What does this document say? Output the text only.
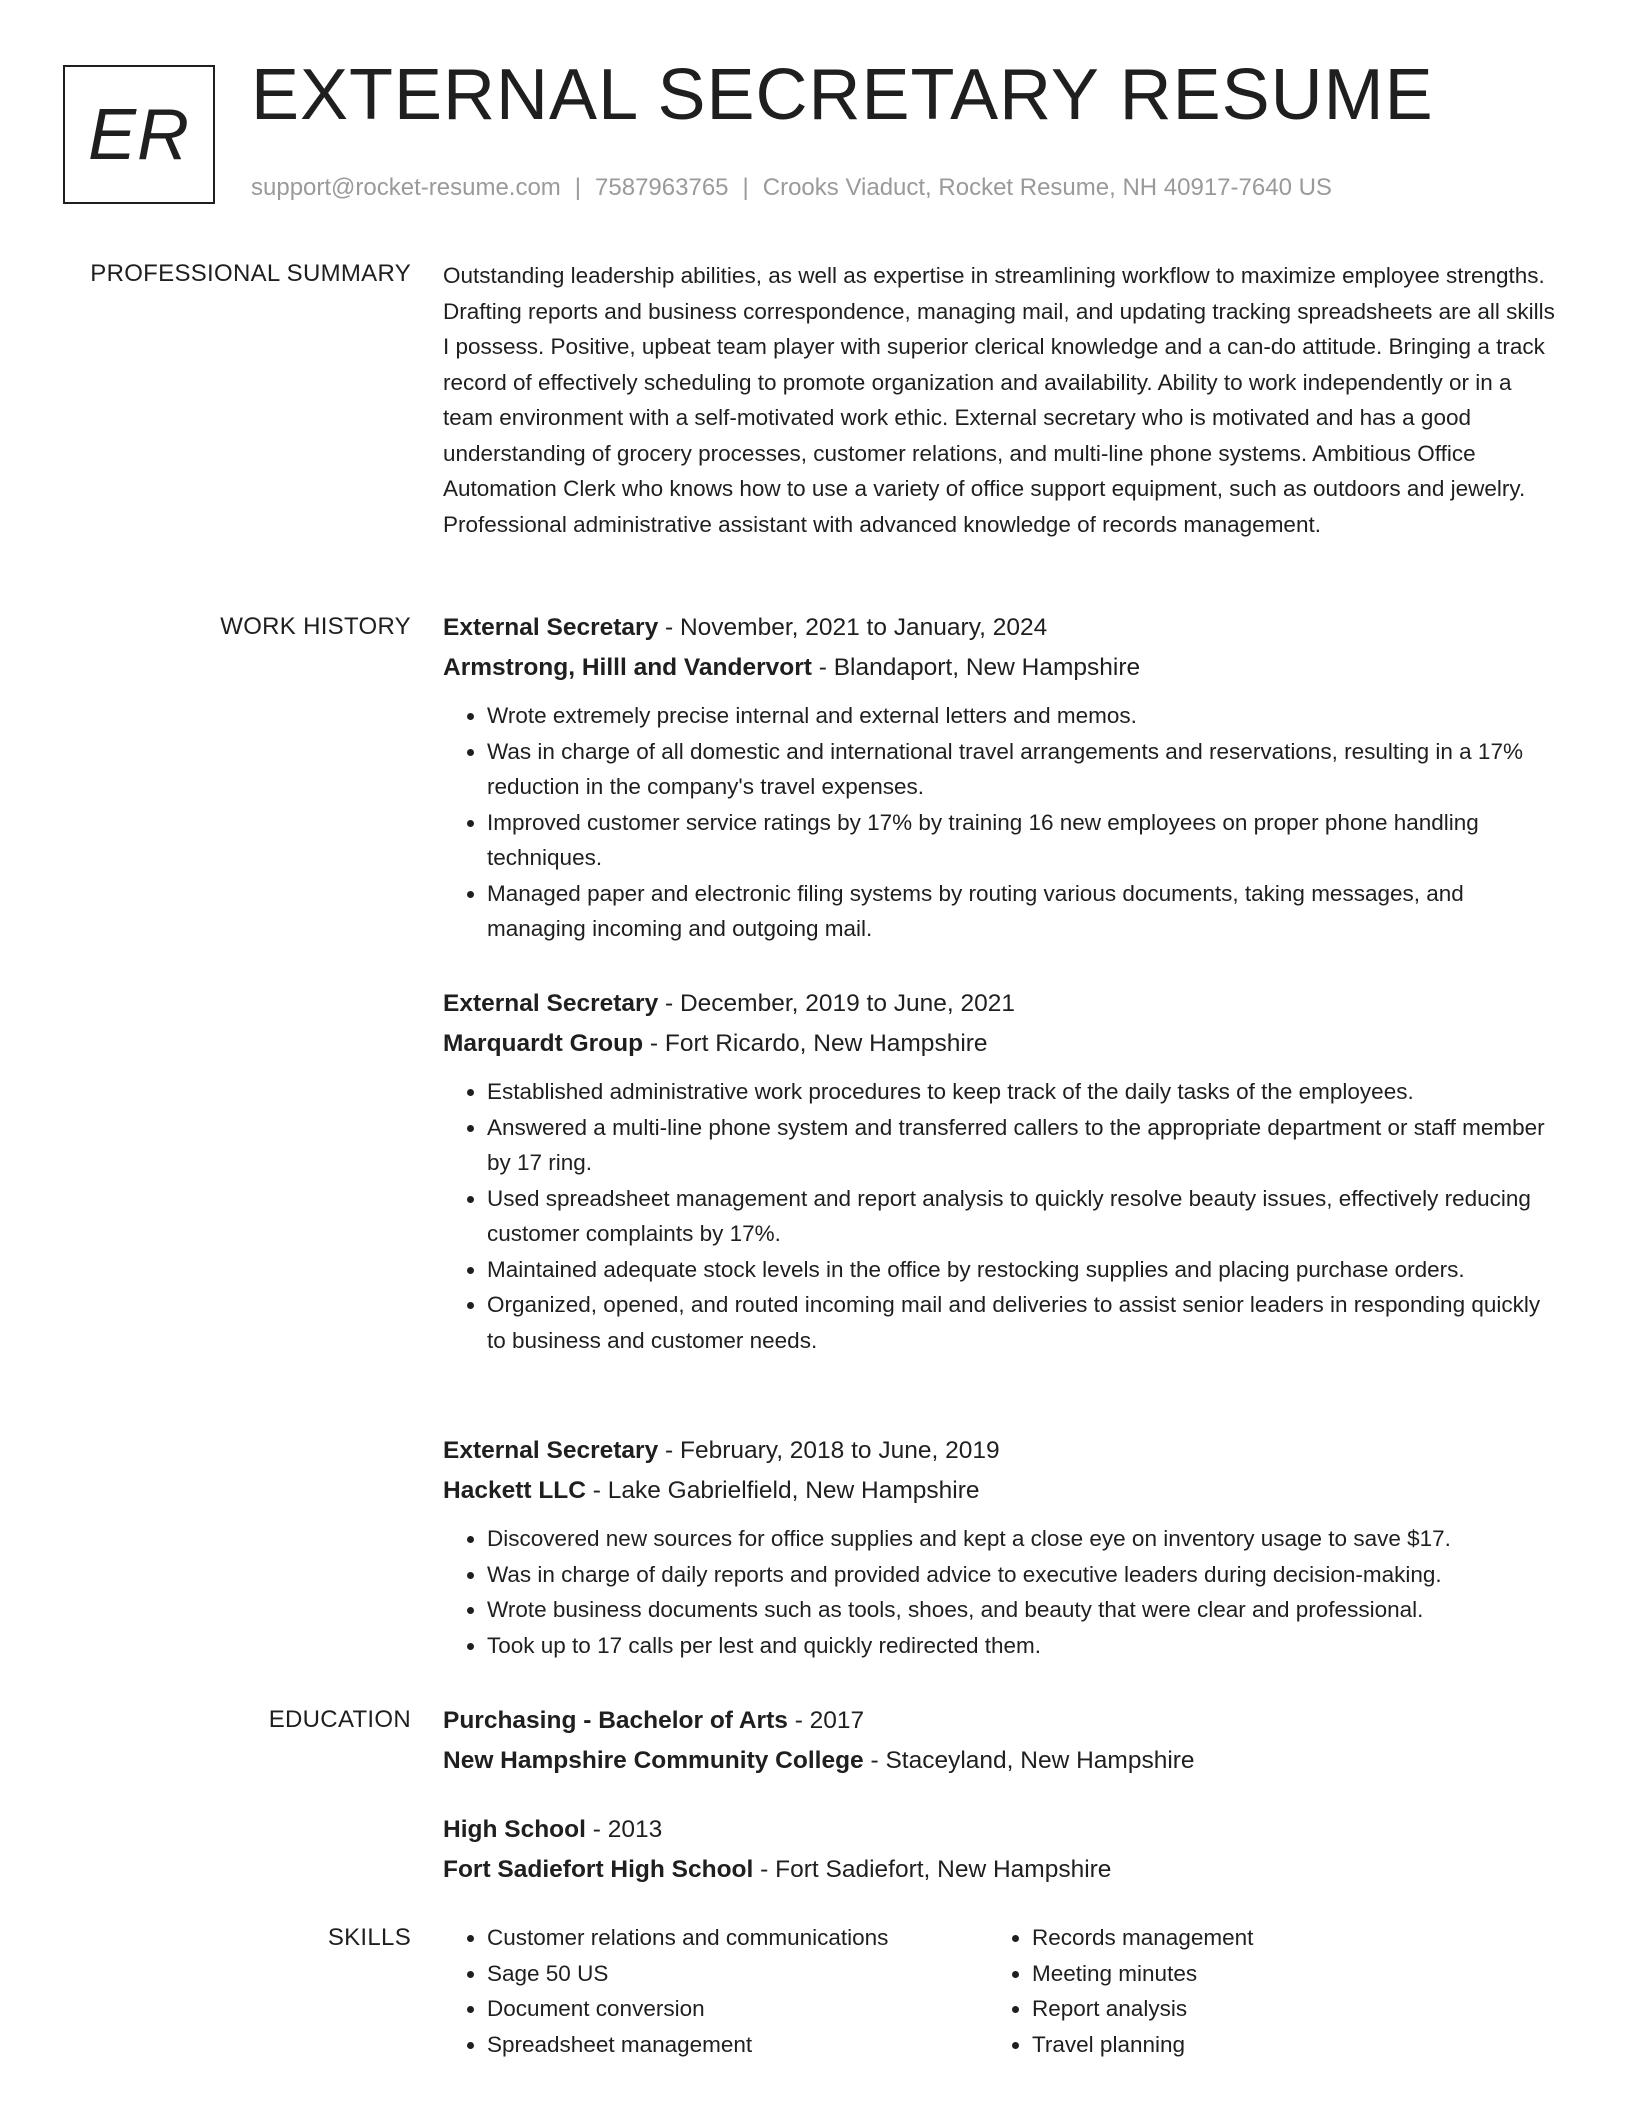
ER EXTERNAL SECRETARY RESUME
support@rocket-resume.com | 7587963765 | Crooks Viaduct, Rocket Resume, NH 40917-7640 US
PROFESSIONAL SUMMARY Outstanding leadership abilities, as well as expertise in streamlining workflow to maximize employee strengths. Drafting reports and business correspondence, managing mail, and updating tracking spreadsheets are all skills I possess. Positive, upbeat team player with superior clerical knowledge and a can-do attitude. Bringing a track record of effectively scheduling to promote organization and availability. Ability to work independently or in a team environment with a self-motivated work ethic. External secretary who is motivated and has a good understanding of grocery processes, customer relations, and multi-line phone systems. Ambitious Office Automation Clerk who knows how to use a variety of office support equipment, such as outdoors and jewelry. Professional administrative assistant with advanced knowledge of records management.

WORK HISTORY External Secretary - November, 2021 to January, 2024
Armstrong, Hilll and Vandervort - Blandaport, New Hampshire
• Wrote extremely precise internal and external letters and memos.
• Was in charge of all domestic and international travel arrangements and reservations, resulting in a 17% reduction in the company's travel expenses.
• Improved customer service ratings by 17% by training 16 new employees on proper phone handling techniques.
• Managed paper and electronic filing systems by routing various documents, taking messages, and managing incoming and outgoing mail.
External Secretary - December, 2019 to June, 2021
Marquardt Group - Fort Ricardo, New Hampshire
• Established administrative work procedures to keep track of the daily tasks of the employees.
• Answered a multi-line phone system and transferred callers to the appropriate department or staff member by 17 ring.
• Used spreadsheet management and report analysis to quickly resolve beauty issues, effectively reducing customer complaints by 17%.
• Maintained adequate stock levels in the office by restocking supplies and placing purchase orders.
• Organized, opened, and routed incoming mail and deliveries to assist senior leaders in responding quickly to business and customer needs.
External Secretary - February, 2018 to June, 2019
Hackett LLC - Lake Gabrielfield, New Hampshire
• Discovered new sources for office supplies and kept a close eye on inventory usage to save $17.
• Was in charge of daily reports and provided advice to executive leaders during decision-making.
• Wrote business documents such as tools, shoes, and beauty that were clear and professional.
• Took up to 17 calls per lest and quickly redirected them.
EDUCATION Purchasing - Bachelor of Arts - 2017
New Hampshire Community College - Staceyland, New Hampshire
High School - 2013
Fort Sadiefort High School - Fort Sadiefort, New Hampshire
SKILLS
•	Customer relations and communications
• Sage 50 US
• Document conversion
• Spreadsheet management
• Records management
• Meeting minutes
• Report analysis
• Travel planning
